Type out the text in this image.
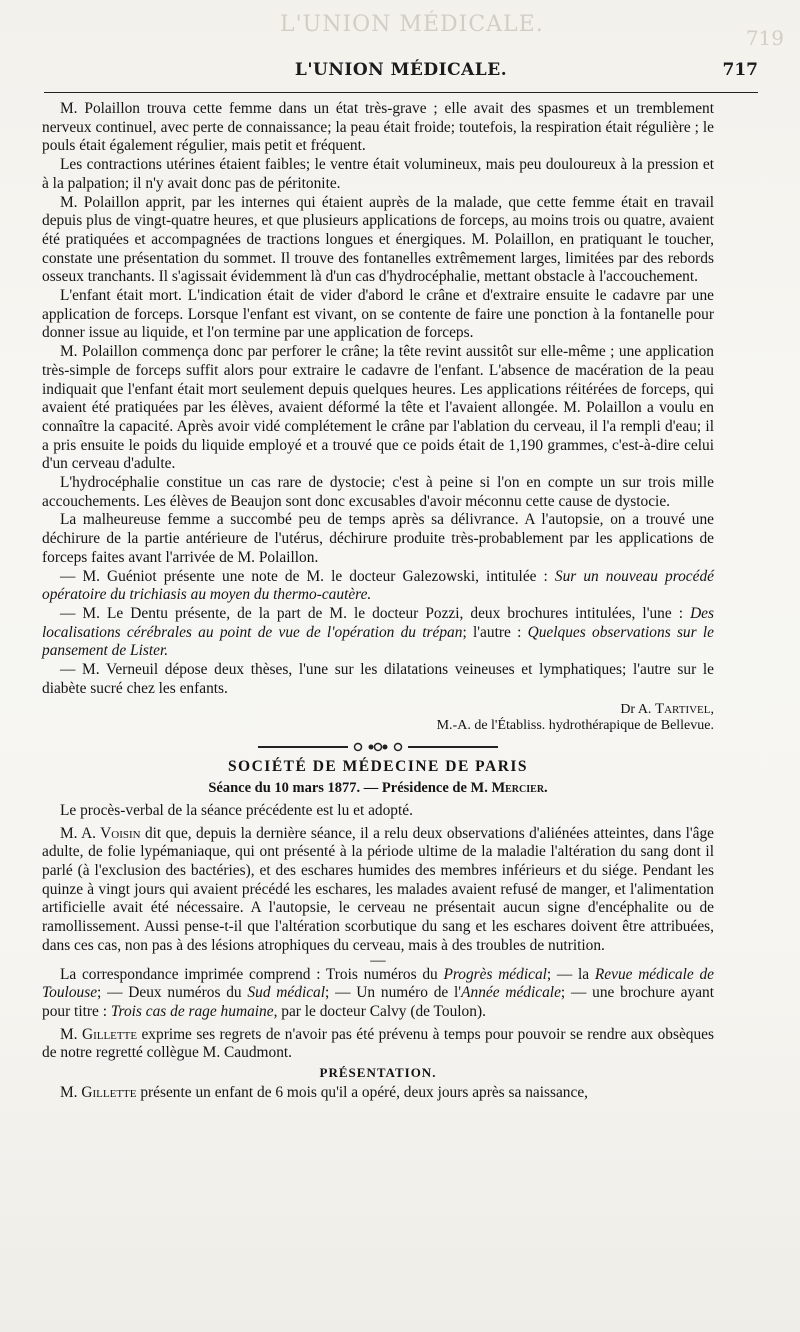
L'UNION MÉDICALE.
719
L'UNION MÉDICALE.	717

M. Polaillon trouva cette femme dans un état très-grave ; elle avait des spasmes et un tremblement nerveux continuel, avec perte de connaissance; la peau était froide; toutefois, la respiration était régulière ; le pouls était également régulier, mais petit et fréquent.

Les contractions utérines étaient faibles; le ventre était volumineux, mais peu douloureux à la pression et à la palpation; il n'y avait donc pas de péritonite.

M. Polaillon apprit, par les internes qui étaient auprès de la malade, que cette femme était en travail depuis plus de vingt-quatre heures, et que plusieurs applications de forceps, au moins trois ou quatre, avaient été pratiquées et accompagnées de tractions longues et énergiques. M. Polaillon, en pratiquant le toucher, constate une présentation du sommet. Il trouve des fontanelles extrêmement larges, limitées par des rebords osseux tranchants. Il s'agissait évidemment là d'un cas d'hydrocéphalie, mettant obstacle à l'accouchement.

L'enfant était mort. L'indication était de vider d'abord le crâne et d'extraire ensuite le cadavre par une application de forceps. Lorsque l'enfant est vivant, on se contente de faire une ponction à la fontanelle pour donner issue au liquide, et l'on termine par une application de forceps.

M. Polaillon commença donc par perforer le crâne; la tête revint aussitôt sur elle-même ; une application très-simple de forceps suffit alors pour extraire le cadavre de l'enfant. L'absence de macération de la peau indiquait que l'enfant était mort seulement depuis quelques heures. Les applications réitérées de forceps, qui avaient été pratiquées par les élèves, avaient déformé la tête et l'avaient allongée. M. Polaillon a voulu en connaître la capacité. Après avoir vidé complétement le crâne par l'ablation du cerveau, il l'a rempli d'eau; il a pris ensuite le poids du liquide employé et a trouvé que ce poids était de 1,190 grammes, c'est-à-dire celui d'un cerveau d'adulte.

L'hydrocéphalie constitue un cas rare de dystocie; c'est à peine si l'on en compte un sur trois mille accouchements. Les élèves de Beaujon sont donc excusables d'avoir méconnu cette cause de dystocie.

La malheureuse femme a succombé peu de temps après sa délivrance. A l'autopsie, on a trouvé une déchirure de la partie antérieure de l'utérus, déchirure produite très-probablement par les applications de forceps faites avant l'arrivée de M. Polaillon.

— M. Guéniot présente une note de M. le docteur Galezowski, intitulée : Sur un nouveau procédé opératoire du trichiasis au moyen du thermo-cautère.

— M. Le Dentu présente, de la part de M. le docteur Pozzi, deux brochures intitulées, l'une : Des localisations cérébrales au point de vue de l'opération du trépan; l'autre : Quelques observations sur le pansement de Lister.

— M. Verneuil dépose deux thèses, l'une sur les dilatations veineuses et lymphatiques; l'autre sur le diabète sucré chez les enfants.

Dr A. Tartivel,
M.-A. de l'Établiss. hydrothérapique de Bellevue.
SOCIÉTÉ DE MÉDECINE DE PARIS
Séance du 10 mars 1877. — Présidence de M. Mercier.

Le procès-verbal de la séance précédente est lu et adopté.

M. A. Voisin dit que, depuis la dernière séance, il a relu deux observations d'aliénées atteintes, dans l'âge adulte, de folie lypémaniaque, qui ont présenté à la période ultime de la maladie l'altération du sang dont il parlé (à l'exclusion des bactéries), et des eschares humides des membres inférieurs et du siége. Pendant les quinze à vingt jours qui avaient précédé les eschares, les malades avaient refusé de manger, et l'alimentation artificielle avait été nécessaire. A l'autopsie, le cerveau ne présentait aucun signe d'encéphalite ou de ramollissement. Aussi pense-t-il que l'altération scorbutique du sang et les eschares doivent être attribuées, dans ces cas, non pas à des lésions atrophiques du cerveau, mais à des troubles de nutrition.

—

La correspondance imprimée comprend : Trois numéros du Progrès médical; — la Revue médicale de Toulouse; — Deux numéros du Sud médical; — Un numéro de l'Année médicale; — une brochure ayant pour titre : Trois cas de rage humaine, par le docteur Calvy (de Toulon).

M. Gillette exprime ses regrets de n'avoir pas été prévenu à temps pour pouvoir se rendre aux obsèques de notre regretté collègue M. Caudmont.

PRÉSENTATION.

M. Gillette présente un enfant de 6 mois qu'il a opéré, deux jours après sa naissance,
